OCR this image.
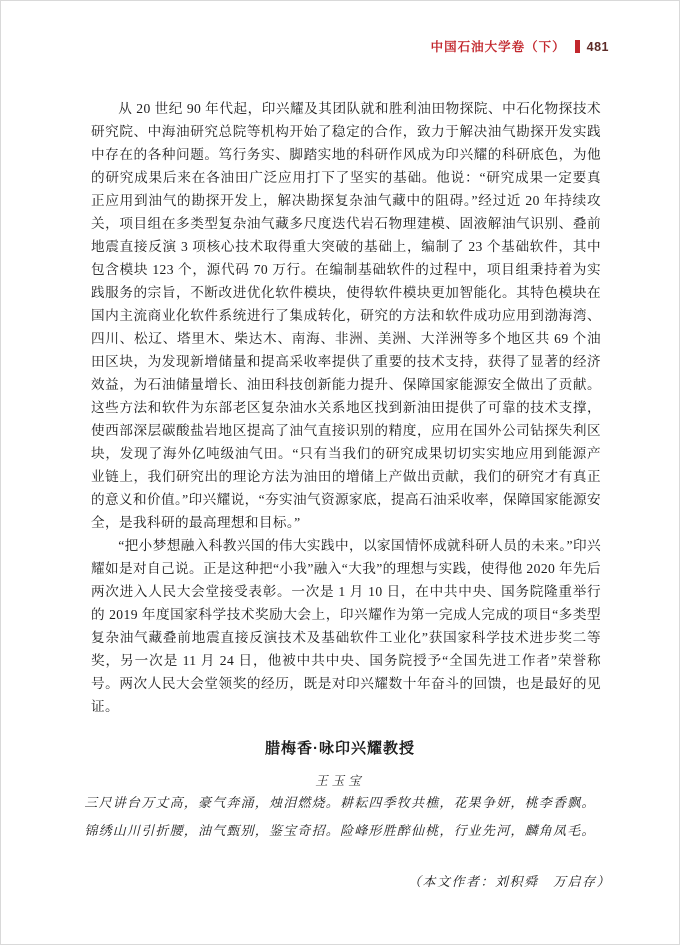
中国石油大学卷（下） 481

从 20 世纪 90 年代起，印兴耀及其团队就和胜利油田物探院、中石化物探技术研究院、中海油研究总院等机构开始了稳定的合作，致力于解决油气勘探开发实践中存在的各种问题。笃行务实、脚踏实地的科研作风成为印兴耀的科研底色，为他的研究成果后来在各油田广泛应用打下了坚实的基础。他说：“研究成果一定要真正应用到油气的勘探开发上，解决勘探复杂油气藏中的阻碍。”经过近 20 年持续攻关，项目组在多类型复杂油气藏多尺度迭代岩石物理建模、固液解油气识别、叠前地震直接反演 3 项核心技术取得重大突破的基础上，编制了 23 个基础软件，其中包含模块 123 个，源代码 70 万行。在编制基础软件的过程中，项目组秉持着为实践服务的宗旨，不断改进优化软件模块，使得软件模块更加智能化。其特色模块在国内主流商业化软件系统进行了集成转化，研究的方法和软件成功应用到渤海湾、四川、松辽、塔里木、柴达木、南海、非洲、美洲、大洋洲等多个地区共 69 个油田区块，为发现新增储量和提高采收率提供了重要的技术支持，获得了显著的经济效益，为石油储量增长、油田科技创新能力提升、保障国家能源安全做出了贡献。这些方法和软件为东部老区复杂油水关系地区找到新油田提供了可靠的技术支撑，使西部深层碳酸盐岩地区提高了油气直接识别的精度，应用在国外公司钻探失利区块，发现了海外亿吨级油气田。“只有当我们的研究成果切切实实地应用到能源产业链上，我们研究出的理论方法为油田的增储上产做出贡献，我们的研究才有真正的意义和价值。”印兴耀说，“夯实油气资源家底，提高石油采收率，保障国家能源安全，是我科研的最高理想和目标。”

“把小梦想融入科教兴国的伟大实践中，以家国情怀成就科研人员的未来。”印兴耀如是对自己说。正是这种把“小我”融入“大我”的理想与实践，使得他 2020 年先后两次进入人民大会堂接受表彰。一次是 1 月 10 日，在中共中央、国务院隆重举行的 2019 年度国家科学技术奖励大会上，印兴耀作为第一完成人完成的项目“多类型复杂油气藏叠前地震直接反演技术及基础软件工业化”获国家科学技术进步奖二等奖，另一次是 11 月 24 日，他被中共中央、国务院授予“全国先进工作者”荣誉称号。两次人民大会堂领奖的经历，既是对印兴耀数十年奋斗的回馈，也是最好的见证。

腊梅香·咏印兴耀教授
王玉宝
三尺讲台万丈高，豪气奔涌，烛泪燃烧。耕耘四季牧共樵，花果争妍，桃李香飘。
锦绣山川引折腰，油气甄别，鉴宝奇招。险峰形胜醉仙桃，行业先河，麟角凤毛。
（本文作者：刘积舜　万启存）
